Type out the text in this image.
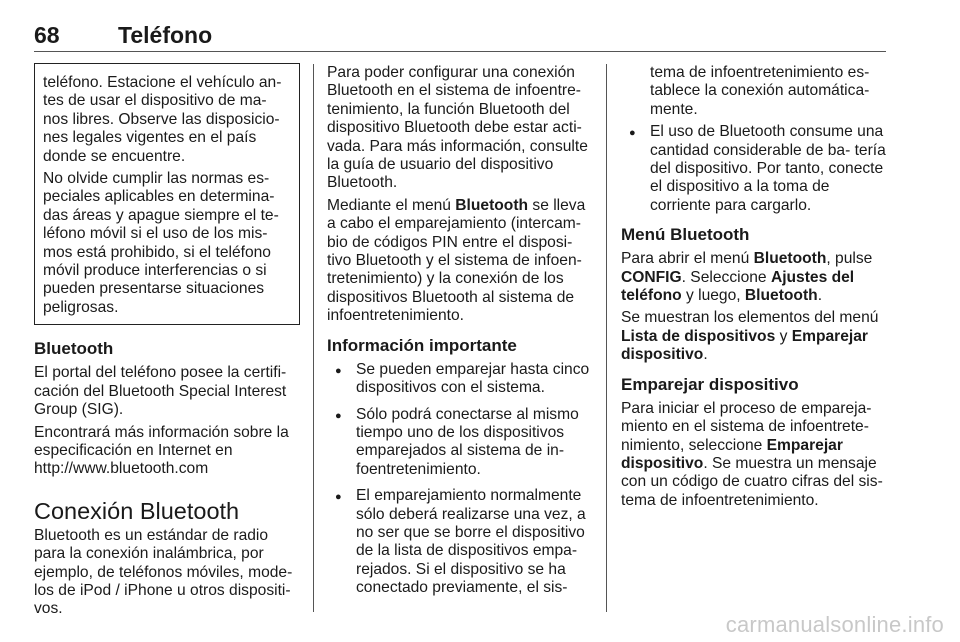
68	Teléfono

teléfono. Estacione el vehículo an- tes de usar el dispositivo de ma- nos libres. Observe las disposicio- nes legales vigentes en el país donde se encuentre.

No olvide cumplir las normas es- peciales aplicables en determina- das áreas y apague siempre el te- léfono móvil si el uso de los mis- mos está prohibido, si el teléfono móvil produce interferencias o si pueden presentarse situaciones peligrosas.

Bluetooth

El portal del teléfono posee la certifi- cación del Bluetooth Special Interest Group (SIG).

Encontrará más información sobre la especificación en Internet en http://www.bluetooth.com

Conexión Bluetooth

Bluetooth es un estándar de radio para la conexión inalámbrica, por ejemplo, de teléfonos móviles, mode- los de iPod / iPhone u otros dispositi- vos.

Para poder configurar una conexión Bluetooth en el sistema de infoentre- tenimiento, la función Bluetooth del dispositivo Bluetooth debe estar acti- vada. Para más información, consulte la guía de usuario del dispositivo Bluetooth.

Mediante el menú Bluetooth se lleva a cabo el emparejamiento (intercam- bio de códigos PIN entre el disposi- tivo Bluetooth y el sistema de infoen- tretenimiento) y la conexión de los dispositivos Bluetooth al sistema de infoentretenimiento.

Información importante
● Se pueden emparejar hasta cinco dispositivos con el sistema.
● Sólo podrá conectarse al mismo tiempo uno de los dispositivos emparejados al sistema de in- foentretenimiento.
● El emparejamiento normalmente sólo deberá realizarse una vez, a no ser que se borre el dispositivo de la lista de dispositivos empa- rejados. Si el dispositivo se ha conectado previamente, el sis-

tema de infoentretenimiento es- tablece la conexión automática- mente.

● El uso de Bluetooth consume una cantidad considerable de ba- tería del dispositivo. Por tanto, conecte el dispositivo a la toma de corriente para cargarlo.
Menú Bluetooth

Para abrir el menú Bluetooth, pulse CONFIG. Seleccione Ajustes del teléfono y luego, Bluetooth.

Se muestran los elementos del menú Lista de dispositivos y Emparejar dispositivo.

Emparejar dispositivo

Para iniciar el proceso de empareja- miento en el sistema de infoentrete- nimiento, seleccione Emparejar dispositivo. Se muestra un mensaje con un código de cuatro cifras del sis- tema de infoentretenimiento.

carmanualsonline.info
